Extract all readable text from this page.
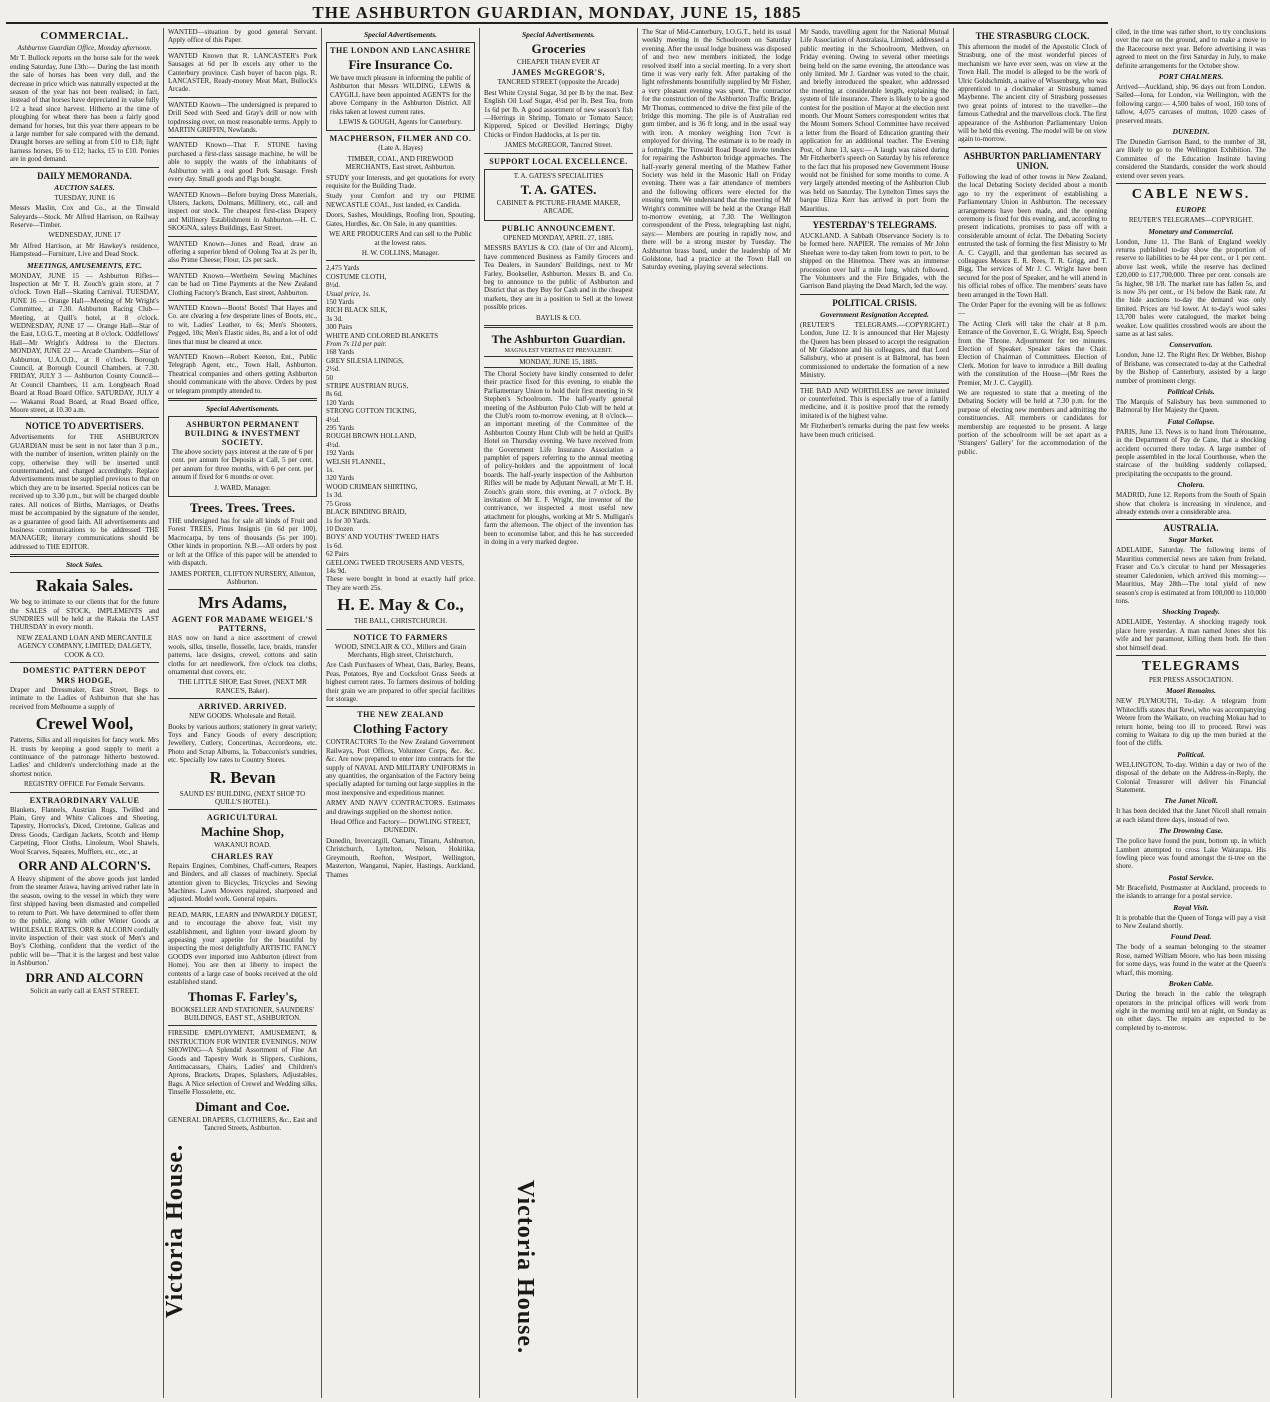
THE ASHBURTON GUARDIAN, MONDAY, JUNE 15, 1885
COMMERCIAL.

Ashburton Guardian Office, Monday afternoon.

Mr T. Bullock reports on the horse sale for the week ending Saturday, June 13th:— During the last month the sale of horses has been very dull, and the decrease in price which was naturally expected at the season of the year has not been realised; in fact, instead of that horses have depreciated in value fully 1/2 a head since harvest. Hitherto at the time of ploughing for wheat there has been a fairly good demand for horses, but this year there appears to be a large number for sale compared with the demand. Draught horses are selling at from £10 to £18; light harness horses, £6 to £12; hacks, £5 to £10. Ponies are in good demand.

DAILY MEMORANDA.
AUCTION SALES.

TUESDAY, JUNE 16

Messrs Maslin, Cox and Co., at the Tinwald Saleyards—Stock. Mr Alfred Harrison, on Railway Reserve—Timber.

WEDNESDAY, JUNE 17

Mr Alfred Harrison, at Mr Hawkey's residence, Hampstead—Furniture, Live and Dead Stock.

MEETINGS, AMUSEMENTS, ETC.

MONDAY, JUNE 15 — Ashburton Rifles—Inspection at Mr T. H. Zouch's grain store, at 7 o'clock. Town Hall—Skating Carnival. TUESDAY, JUNE 16 — Orange Hall—Meeting of Mr Wright's Committee, at 7.30. Ashburton Racing Club—Meeting, at Quill's hotel, at 8 o'clock. WEDNESDAY, JUNE 17 — Orange Hall—Star of the East, I.O.G.T., meeting at 8 o'clock. Oddfellows' Hall—Mr Wright's Address to the Electors. MONDAY, JUNE 22 — Arcade Chambers—Star of Ashburton, U.A.O.D., at 8 o'clock. Borough Council, at Borough Council Chambers, at 7.30. FRIDAY, JULY 3 — Ashburton County Council—At Council Chambers, 11 a.m. Longbeach Road Board at Road Board Office. SATURDAY, JULY 4 — Wakanui Road Board, at Road Board office, Moore street, at 10.30 a.m.

NOTICE TO ADVERTISERS.

Advertisements for THE ASHBURTON GUARDIAN must be sent in not later than 3 p.m., with the number of insertion, written plainly on the copy, otherwise they will be inserted until countermanded, and charged accordingly. Replace Advertisements must be supplied previous to that on which they are to be inserted. Special notices can be received up to 3.30 p.m., but will be charged double rates. All notices of Births, Marriages, or Deaths must be accompanied by the signature of the sender, as a guarantee of good faith. All advertisements and business communications to be addressed THE MANAGER; literary communications should be addressed to THE EDITOR.

Stock Sales.
Rakaia Sales.

We beg to intimate to our clients that for the future the SALES of STOCK, IMPLEMENTS and SUNDRIES will be held at the Rakaia the LAST THURSDAY in every month.

NEW ZEALAND LOAN AND MERCANTILE AGENCY COMPANY, LIMITED; DALGETY, COOK & CO.

DOMESTIC PATTERN DEPOT
MRS HODGE,

Draper and Dressmaker, East Street, Begs to intimate to the Ladies of Ashburton that she has received from Melbourne a supply of

Crewel Wool,

Patterns, Silks and all requisites for fancy work. Mrs H. trusts by keeping a good supply to merit a continuance of the patronage hitherto bestowed. Ladies' and children's underclothing made at the shortest notice.

REGISTRY OFFICE For Female Servants.

EXTRAORDINARY VALUE

Blankets, Flannels, Austrian Rugs, Twilled and Plain, Grey and White Calicoes and Sheeting, Tapestry, Horrocks's, Diced, Cretonne, Galicas and Dress Goods, Cardigan Jackets, Scotch and Hemp Carpeting, Floor Cloths, Linoleum, Wool Shawls, Wool Scarves, Squares, Mufflers, etc., etc., at

ORR AND ALCORN'S.

A Heavy shipment of the above goods just landed from the steamer Arawa, having arrived rather late in the season, owing to the vessel in which they were first shipped having been dismasted and compelled to return to Port. We have determined to offer them to the public, along with other Winter Goods at WHOLESALE RATES. ORR & ALCORN cordially invite inspection of their vast stock of Men's and Boy's Clothing, confident that the verdict of the public will be—'That it is the largest and best value in Ashburton.'

DRR AND ALCORN

Solicit an early call at EAST STREET.

WANTED—situation by good general Servant. Apply office of this Paper.

WANTED Known that R. LANCASTER's Pork Sausages at 6d per lb excels any other to the Canterbury province. Cash buyer of bacon pigs. R. LANCASTER, Ready-money Meat Mart, Bullock's Arcade.

WANTED Known—The undersigned is prepared to Drill Seed with Seed and Gray's drill or now with topdressing over, on most reasonable terms. Apply to MARTIN GRIFFIN, Newlands.

WANTED Known—That F. STONE having purchased a first-class sausage machine, he will be able to supply the wants of the inhabitants of Ashburton with a real good Pork Sausage. Fresh every day. Small goods and Pigs bought.

WANTED Known—Before buying Dress Materials, Ulsters, Jackets, Dolmans, Millinery, etc., call and inspect our stock. The cheapest first-class Drapery and Millinery Establishment in Ashburton.—H. C. SKOGNA, saleys Buildings, East Street.

WANTED Known—Jones and Read, draw an offering a superior blend of Oolong Tea at 2s per lb, also Prime Cheese; Flour, 12s per sack.

WANTED Known—Wertheim Sewing Machines can be had on Time Payments at the New Zealand Clothing Factory's Branch, East street, Ashburton.

WANTED Known—Boots! Boots! That Hayes and Co. are clearing a few desperate lines of Boots, etc., to wit, Ladies' Leather, to 6s; Men's Shooters, Pegged, 10s; Men's Elastic sides, 8s, and a lot of odd lines that must be cleared at once.

WANTED Known—Robert Keeton, Ent., Public Telegraph Agent, etc., Town Hall, Ashburton. Theatrical companies and others getting Ashburton should communicate with the above. Orders by post or telegram promptly attended to.

Special Advertisements.
ASHBURTON PERMANENT BUILDING & INVESTMENT SOCIETY.

The above society pays interest at the rate of 6 per cent. per annum for Deposits at Call, 5 per cent. per annum for three months, with 6 per cent. per annum if fixed for 6 months or over.

J. WARD, Manager.

Trees. Trees. Trees.

THE undersigned has for sale all kinds of Fruit and Forest TREES, Pinus Insignis (in 6d per 100), Macrocarpa, by tens of thousands (5s per 100). Other kinds in proportion. N.B.—All orders by post or left at the Office of this paper will be attended to with dispatch.

JAMES PORTER, CLIFTON NURSERY, Allenton, Ashburton.

Mrs Adams,
AGENT FOR MADAME WEIGEL'S PATTERNS,

HAS now on hand a nice assortment of crewel wools, silks, tinselle, flosselle, lace, braids, transfer patterns, lace designs, crewel, cottons and satin cloths for art needlework, five o'clock tea cloths, ornamental dust covers, etc.

THE LITTLE SHOP, East Street, (NEXT MR RANCE'S, Baker).

ARRIVED. ARRIVED.

NEW GOODS. Wholesale and Retail.

Books by various authors; stationery in great variety; Toys and Fancy Goods of every description; Jewellery, Cutlery, Concertinas, Accordeons, etc. Photo and Scrap Albums, la. Tobacconist's sundries, etc. Specially low rates to Country Stores.

R. Bevan

SAUND ES' BUILDING, (NEXT SHOP TO QUILL'S HOTEL).

AGRICULTURAL
Machine Shop,

WAKANUI ROAD.

CHARLES RAY

Repairs Engines, Combines, Chaff-cutters, Reapers and Binders, and all classes of machinery. Special attention given to Bicycles, Tricycles and Sewing Machines. Lawn Mowers repaired, sharpened and adjusted. Model work. General repairs.

READ, MARK, LEARN and INWARDLY DIGEST, and to encourage the above feat, visit my establishment, and lighten your inward gloom by appeasing your appetite for the beautiful by inspecting the most delightfully ARTISTIC FANCY GOODS ever imported into Ashburton (direct from Home). You are then at liberty to inspect the contents of a large case of books received at the old established stand.

Thomas F. Farley's,

BOOKSELLER AND STATIONER, SAUNDERS' BUILDINGS, EAST ST., ASHBURTON.

FIRESIDE EMPLOYMENT, AMUSEMENT, & INSTRUCTION FOR WINTER EVENINGS. NOW SHOWING—A Splendid Assortment of Fine Art Goods and Tapestry Work in Slippers, Cushions, Antimacassars, Chairs, Ladies' and Children's Aprons, Brackets, Drapes, Splashers, Adjustables, Bags. A Nice selection of Crewel and Wedding silks, Tinselle Flossolette, etc.

Dimant and Coe.

GENERAL DRAPERS, CLOTHIERS, &c., East and Tancred Streets, Ashburton.

Victoria House.
Special Advertisements.
THE LONDON AND LANCASHIRE
Fire Insurance Co.

We have much pleasure in informing the public of Ashburton that Messrs WILDING, LEWIS & CAYGILL have been appointed AGENTS for the above Company in the Ashburton District. All risks taken at lowest current rates.

LEWIS & GOUGH, Agents for Canterbury.

MACPHERSON, FILMER AND CO.

(Late A. Hayes)

TIMBER, COAL, AND FIREWOOD MERCHANTS, East street, Ashburton.

STUDY your Interests, and get quotations for every requisite for the Building Trade.

Study your Comfort and try our PRIME NEWCASTLE COAL, Just landed, ex Candida.

Doors, Sashes, Mouldings, Roofing Iron, Spouting, Gates, Hurdles, &c. On Sale, in any quantities.

WE ARE PRODUCERS And can sell to the Public at the lowest rates.

H. W. COLLINS, Manager.

2,475 Yards

COSTUME CLOTH,

8½d.

Usual price, 1s.

150 Yards

RICH BLACK SILK,

3s 3d.

300 Pairs

WHITE AND COLORED BLANKETS

From 7s 11d per pair.

168 Yards

GREY SILESIA LININGS,

2½d.

50

STRIPE AUSTRIAN RUGS,

8s 6d.

120 Yards

STRONG COTTON TICKING,

4½d.

295 Yards

ROUGH BROWN HOLLAND,

4½d.

192 Yards

WELSH FLANNEL,

1s.

320 Yards

WOOD CRIMEAN SHIRTING,

1s 3d.

75 Gross

BLACK BINDING BRAID,

1s for 30 Yards.

10 Dozen

BOYS' AND YOUTHS' TWEED HATS

1s 6d.

62 Pairs

GEELONG TWEED TROUSERS AND VESTS,

14s 9d.

These were bought in bond at exactly half price. They are worth 25s.

H. E. May & Co.,

THE BALL, CHRISTCHURCH.

NOTICE TO FARMERS

WOOD, SINCLAIR & CO., Millers and Grain Merchants, High street, Christchurch,

Are Cash Purchasers of Wheat, Oats, Barley, Beans, Peas, Potatoes, Rye and Cocksfoot Grass Seeds at highest current rates. To farmers desirous of holding their grain we are prepared to offer special facilities for storage.

THE NEW ZEALAND
Clothing Factory

CONTRACTORS To the New Zealand Government Railways, Post Offices, Volunteer Corps, &c. &c. &c. Are now prepared to enter into contracts for the supply of NAVAL AND MILITARY UNIFORMS in any quantities, the organisation of the Factory being specially adapted for turning out large supplies in the most inexpensive and expeditious manner.

ARMY AND NAVY CONTRACTORS. Estimates and drawings supplied on the shortest notice.

Head Office and Factory— DOWLING STREET, DUNEDIN.

Dunedin, Invercargill, Oamaru, Timaru, Ashburton, Christchurch, Lyttelton, Nelson, Hokitika, Greymouth, Reefton, Westport, Wellington, Masterton, Wanganui, Napier, Hastings, Auckland, Thames

Special Advertisements.
Groceries

CHEAPER THAN EVER AT

JAMES McGREGOR'S,

TANCRED STREET (opposite the Arcade)

Best White Crystal Sugar, 3d per lb by the mat. Best English Oil Loaf Sugar, 4½d per lb. Best Tea, from 1s 6d per lb. A good assortment of new season's fish—Herrings in Shrimp, Tomato or Tomato Sauce; Kippered, Spiced or Devilled Herrings; Digby Chicks or Findon Haddocks, at 1s per tin.

JAMES McGREGOR, Tancred Street.

SUPPORT LOCAL EXCELLENCE.

T. A. GATES'S SPECIALITIES

T. A. GATES.

CABINET & PICTURE-FRAME MAKER, ARCADE.

PUBLIC ANNOUNCEMENT.

OPENED MONDAY, APRIL 27, 1885.

MESSRS BAYLIS & CO. (late of Orr and Alcorn), have commenced Business as Family Grocers and Tea Dealers, in Saunders' Buildings, next to Mr Farley, Bookseller, Ashburton. Messrs B. and Co. beg to announce to the public of Ashburton and District that as they Buy for Cash and in the cheapest markets, they are in a position to Sell at the lowest possible prices.

BAYLIS & CO.

The Ashburton Guardian.
MAGNA EST VERITAS ET PREVALEBIT.
MONDAY, JUNE 15, 1885.

The Choral Society have kindly consented to defer their practice fixed for this evening, to enable the Parliamentary Union to hold their first meeting in St Stephen's Schoolroom. The half-yearly general meeting of the Ashburton Polo Club will be held at the Club's room to-morrow evening, at 8 o'clock—an important meeting of the Committee of the Ashburton County Hunt Club will be held at Quill's Hotel on Thursday evening. We have received from the Government Life Insurance Association a pamphlet of papers referring to the annual meeting of policy-holders and the appointment of local boards. The half-yearly inspection of the Ashburton Rifles will be made by Adjutant Newall, at Mr T. H. Zouch's grain store, this evening, at 7 o'clock. By invitation of Mr E. F. Wright, the inventor of the contrivance, we inspected a most useful new attachment for ploughs, working at Mr S. Mulligan's farm the afternoon. The object of the invention has been to economise labor, and this he has succeeded in doing in a very marked degree.

The Star of Mid-Canterbury, I.O.G.T., held its usual weekly meeting in the Schoolroom on Saturday evening. After the usual lodge business was disposed of and two new members initiated, the lodge resolved itself into a social meeting. In a very short time it was very early felt. After partaking of the light refreshments bountifully supplied by Mr Fisher, a very pleasant evening was spent. The contractor for the construction of the Ashburton Traffic Bridge, Mr Thomas, commenced to drive the first pile of the bridge this morning. The pile is of Australian red gum timber, and is 36 ft long, and in the usual way with iron. A monkey weighing 1ton 7cwt is employed for driving. The estimate is to be ready in a fortnight. The Tinwald Road Board invite tenders for repairing the Ashburton bridge approaches. The half-yearly general meeting of the Mathew Father Society was held in the Masonic Hall on Friday evening. There was a fair attendance of members and the following officers were elected for the ensuing term. We understand that the meeting of Mr Wright's committee will be held at the Orange Hall to-morrow evening, at 7.30. The Wellington correspondent of the Press, telegraphing last night, says:— Members are pouring in rapidly now, and there will be a strong muster by Tuesday. The Ashburton brass band, under the leadership of Mr Goldstone, had a practice at the Town Hall on Saturday evening, playing several selections.

Victoria House.

Mr Sando, travelling agent for the National Mutual Life Association of Australasia, Limited, addressed a public meeting in the Schoolroom, Methven, on Friday evening. Owing to several other meetings being held on the same evening, the attendance was only limited. Mr J. Gardner was voted to the chair, and briefly introduced the speaker, who addressed the meeting at considerable length, explaining the system of life insurance. There is likely to be a good contest for the position of Mayor at the election next month. Our Mount Somers correspondent writes that the Mount Somers School Committee have received a letter from the Board of Education granting their application for an additional teacher. The Evening Post, of June 13, says:— A laugh was raised during Mr Fitzherbert's speech on Saturday by his reference to the fact that his proposed new Government House would not be finished for some months to come. A very largely attended meeting of the Ashburton Club was held on Saturday. The Lyttelton Times says the barque Eliza Kerr has arrived in port from the Mauritius.

YESTERDAY'S TELEGRAMS.

AUCKLAND. A Sabbath Observance Society is to be formed here. NAPIER. The remains of Mr John Sheehan were to-day taken from town to port, to be shipped on the Hinemoa. There was an immense procession over half a mile long, which followed. The Volunteers and the Fire Brigades, with the Garrison Band playing the Dead March, led the way.

POLITICAL CRISIS.
Government Resignation Accepted.

(REUTER'S TELEGRAMS.—COPYRIGHT.) London, June 12. It is announced that Her Majesty the Queen has been pleased to accept the resignation of Mr Gladstone and his colleagues, and that Lord Salisbury, who at present is at Balmoral, has been commissioned to undertake the formation of a new Ministry.

THE BAD AND WORTHLESS are never imitated or counterfeited. This is especially true of a family medicine, and it is positive proof that the remedy imitated is of the highest value.

Mr Fitzherbert's remarks during the past few weeks have been much criticised.

THE STRASBURG CLOCK.

This afternoon the model of the Apostolic Clock of Strasburg, one of the most wonderful pieces of mechanism we have ever seen, was on view at the Town Hall. The model is alleged to be the work of Ulric Goldschmidt, a native of Wissenburg, who was apprenticed to a clockmaker at Strasburg named Maybenne. The ancient city of Strasburg possesses two great points of interest to the traveller—the famous Cathedral and the marvellous clock. The first appearance of the Ashburton Parliamentary Union will be held this evening. The model will be on view again to-morrow.

ASHBURTON PARLIAMENTARY UNION.

Following the lead of other towns in New Zealand, the local Debating Society decided about a month ago to try the experiment of establishing a Parliamentary Union in Ashburton. The necessary arrangements have been made, and the opening ceremony is fixed for this evening, and, according to present indications, promises to pass off with a considerable amount of éclat. The Debating Society entrusted the task of forming the first Ministry to Mr A. C. Caygill, and that gentleman has secured as colleagues Messrs E. R. Rees, T. R. Grigg, and T. Bigg. The services of Mr J. C. Wright have been secured for the post of Speaker, and he will attend in his official robes of office. The members' seats have been arranged in the Town Hall.

The Order Paper for the evening will be as follows:—

The Acting Clerk will take the chair at 8 p.m. Entrance of the Governor, E. G. Wright, Esq. Speech from the Throne. Adjournment for ten minutes. Election of Speaker. Speaker takes the Chair. Election of Chairman of Committees. Election of Clerk. Motion for leave to introduce a Bill dealing with the constitution of the House—(Mr Rees the Premier, Mr J. C. Caygill).

We are requested to state that a meeting of the Debating Society will be held at 7.30 p.m. for the purpose of electing new members and admitting the constituencies. All members or candidates for membership are requested to be present. A large portion of the schoolroom will be set apart as a 'Strangers' Gallery' for the accommodation of the public.

ciled, in the time was rather short, to try conclusions over the race on the ground, and to make a move to the Racecourse next year. Before advertising it was agreed to meet on the first Saturday in July, to make definite arrangements for the October show.

PORT CHALMERS.

Arrived—Auckland, ship, 96 days out from London. Sailed—Iona, for London, via Wellington, with the following cargo:— 4,500 bales of wool, 160 tons of tallow, 4,075 carcases of mutton, 1020 cases of preserved meats.

DUNEDIN.

The Dunedin Garrison Band, to the number of 38, are likely to go to the Wellington Exhibition. The Committee of the Education Institute having considered the Standards, consider the work should extend over seven years.

CABLE NEWS.
EUROPE

REUTER'S TELEGRAMS—COPYRIGHT.

Monetary and Commercial.

London, June 11. The Bank of England weekly returns published to-day show the proportion of reserve to liabilities to be 44 per cent., or 1 per cent. above last week, while the reserve has declined £20,000 to £17,700,000. Three per cent. consols are 5s higher, 98 1/8. The market rate has fallen 5s, and is now 3¾ per cent., or 1¼ below the Bank rate. At the hide auctions to-day the demand was only limited. Prices are ½d lower. At to-day's wool sales 13,700 bales were catalogued, the market being weaker. Low qualities crossbred wools are about the same as at last sales.

Conservation.

London, June 12. The Right Rev. Dr Webber, Bishop of Brisbane, was consecrated to-day at the Cathedral by the Bishop of Canterbury, assisted by a large number of prominent clergy.

Political Crisis.

The Marquis of Salisbury has been summoned to Balmoral by Her Majesty the Queen.

Fatal Collapse.

PARIS, June 13. News is to hand from Thérouanne, in the Department of Pay de Cane, that a shocking accident occurred there today. A large number of people assembled in the local Courthouse, when the staircase of the building suddenly collapsed, precipitating the occupants to the ground.

Cholera.

MADRID, June 12. Reports from the South of Spain show that cholera is increasing in virulence, and already extends over a considerable area.

AUSTRALIA.
Sugar Market.

ADELAIDE, Saturday. The following items of Mauritius commercial news are taken from Ireland, Fraser and Co.'s circular to hand per Messageries steamer Caledonien, which arrived this morning:—Mauritius, May 28th—The total yield of new season's crop is estimated at from 100,000 to 110,000 tons.

Shocking Tragedy.

ADELAIDE, Yesterday. A shocking tragedy took place here yesterday. A man named Jones shot his wife and her paramour, killing them both. He then shot himself dead.

TELEGRAMS

PER PRESS ASSOCIATION.

Maori Remains.

NEW PLYMOUTH, To-day. A telegram from Whitecliffs states that Rewi, who was accompanying Wetere from the Waikato, on reaching Mokau had to return home, being too ill to proceed. Rewi was coming to Waitara to dig up the men buried at the foot of the cliffs.

Political.

WELLINGTON, To-day. Within a day or two of the disposal of the debate on the Address-in-Reply, the Colonial Treasurer will deliver his Financial Statement.

The Janet Nicoll.

It has been decided that the Janet Nicoll shall remain at each island three days, instead of two.

The Drowning Case.

The police have found the punt, bottom up, in which Lambert attempted to cross Lake Wairarapa. His fowling piece was found amongst the ti-tree on the shore.

Postal Service.

Mr Bracefield, Postmaster at Auckland, proceeds to the islands to arrange for a postal service.

Royal Visit.

It is probable that the Queen of Tonga will pay a visit to New Zealand shortly.

Found Dead.

The body of a seaman belonging to the steamer Rose, named William Moore, who has been missing for some days, was found in the water at the Queen's wharf, this morning.

Broken Cable.

During the breach in the cable the telegraph operators in the principal offices will work from eight in the morning until ten at night, on Sunday as on other days. The repairs are expected to be completed by to-morrow.
